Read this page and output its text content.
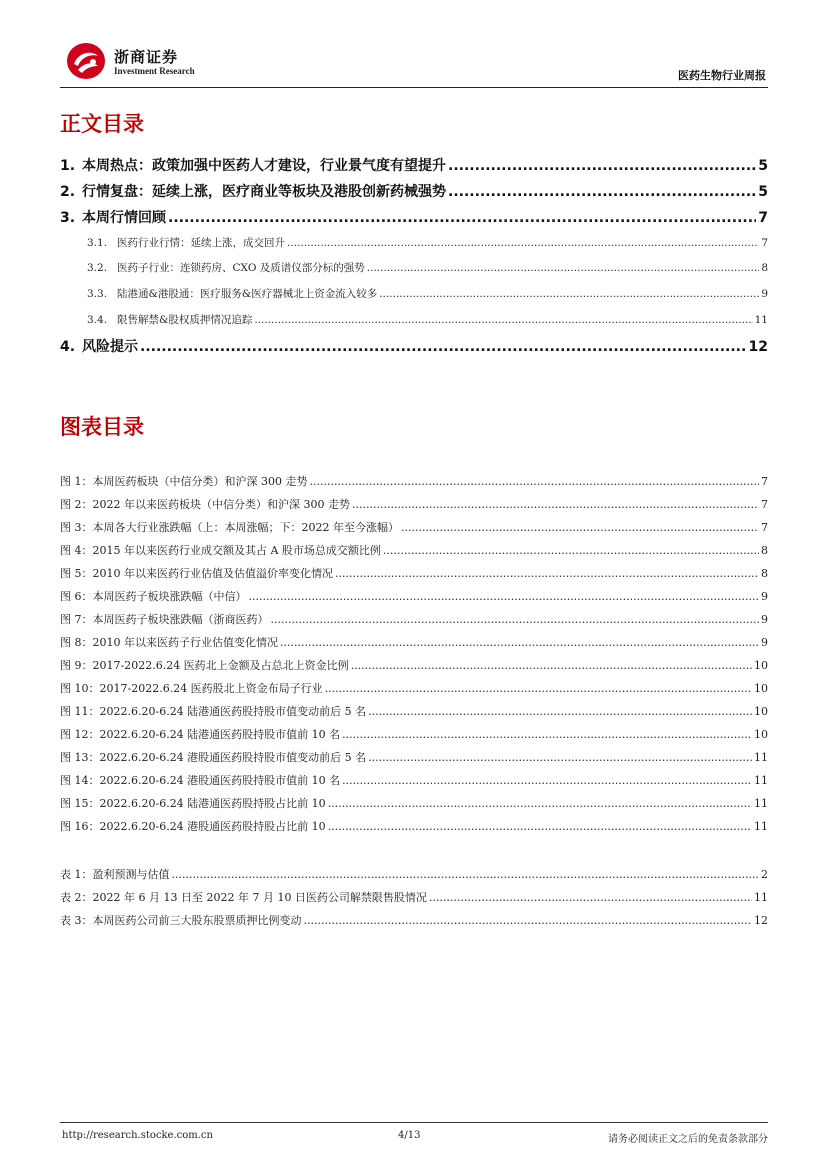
浙商证券
Investment Research	医药生物行业周报
正文目录
1. 本周热点：政策加强中医药人才建设，行业景气度有望提升 .....	5
2. 行情复盘：延续上涨，医疗商业等板块及港股创新药械强势 .....	5
3. 本周行情回顾 .....	7
3.1. 医药行业行情：延续上涨，成交回升 .....	7
3.2. 医药子行业：连锁药房、CXO 及质谱仪部分标的强势 .....	8
3.3. 陆港通&港股通：医疗服务&医疗器械北上资金流入较多 .....	9
3.4. 限售解禁&股权质押情况追踪 .....	11
4. 风险提示 .....	12
图表目录
图 1：本周医药板块（中信分类）和沪深 300 走势 .....	7
图 2：2022 年以来医药板块（中信分类）和沪深 300 走势 .....	7
图 3：本周各大行业涨跌幅（上：本周涨幅；下：2022 年至今涨幅） .....	7
图 4：2015 年以来医药行业成交额及其占 A 股市场总成交额比例 .....	8
图 5：2010 年以来医药行业估值及估值溢价率变化情况 .....	8
图 6：本周医药子板块涨跌幅（中信） .....	9
图 7：本周医药子板块涨跌幅（浙商医药） .....	9
图 8：2010 年以来医药子行业估值变化情况 .....	9
图 9：2017-2022.6.24 医药北上金额及占总北上资金比例 .....	10
图 10：2017-2022.6.24 医药股北上资金布局子行业 .....	10
图 11：2022.6.20-6.24 陆港通医药股持股市值变动前后 5 名 .....	10
图 12：2022.6.20-6.24 陆港通医药股持股市值前 10 名 .....	10
图 13：2022.6.20-6.24 港股通医药股持股市值变动前后 5 名 .....	11
图 14：2022.6.20-6.24 港股通医药股持股市值前 10 名 .....	11
图 15：2022.6.20-6.24 陆港通医药股持股占比前 10 .....	11
图 16：2022.6.20-6.24 港股通医药股持股占比前 10 .....	11
表 1：盈利预测与估值 .....	2
表 2：2022 年 6 月 13 日至 2022 年 7 月 10 日医药公司解禁限售股情况 .....	11
表 3：本周医药公司前三大股东股票质押比例变动 .....	12
http://research.stocke.com.cn	4/13	请务必阅读正文之后的免责条款部分
